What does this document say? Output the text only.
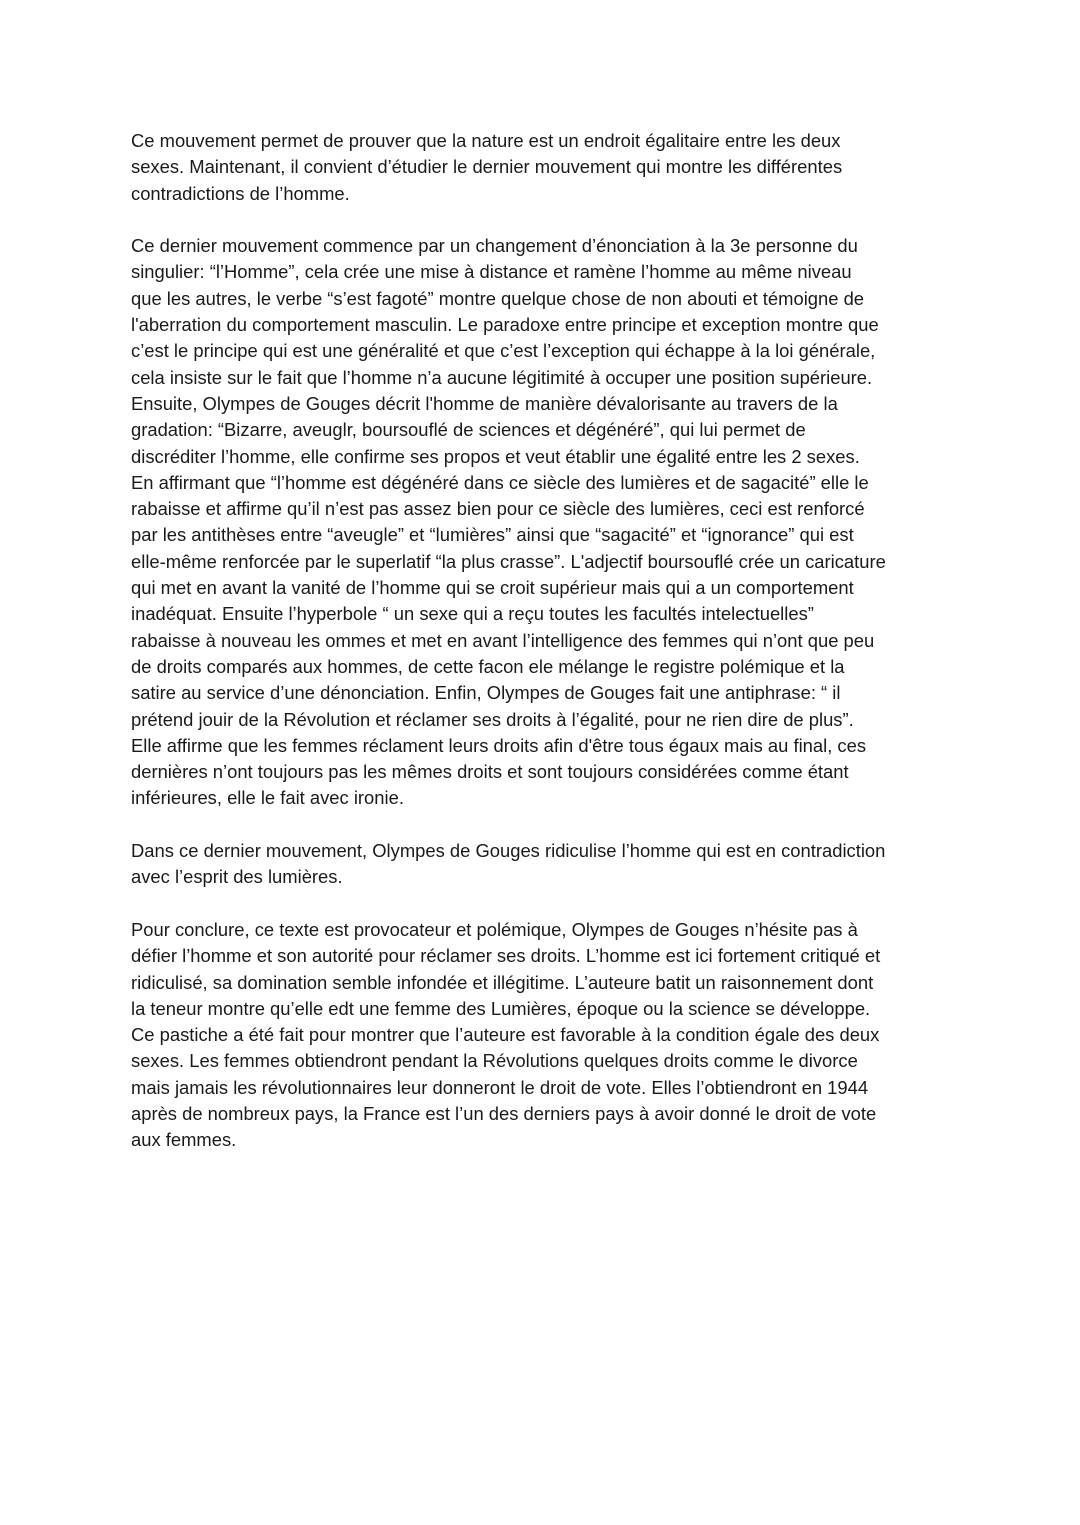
Ce mouvement permet de prouver que la nature est un endroit égalitaire entre les deux
sexes. Maintenant, il convient d’étudier le dernier mouvement qui montre les différentes
contradictions de l’homme.

Ce dernier mouvement commence par un changement d’énonciation à la 3e personne du
singulier: “l’Homme”, cela crée une mise à distance et ramène l’homme au même niveau
que les autres, le verbe “s’est fagoté” montre quelque chose de non abouti et témoigne de
l'aberration du comportement masculin. Le paradoxe entre principe et exception montre que
c’est le principe qui est une généralité et que c’est l’exception qui échappe à la loi générale,
cela insiste sur le fait que l’homme n’a aucune légitimité à occuper une position supérieure.
Ensuite, Olympes de Gouges décrit l'homme de manière dévalorisante au travers de la
gradation: “Bizarre, aveuglr, boursouflé de sciences et dégénéré”, qui lui permet de
discréditer l’homme, elle confirme ses propos et veut établir une égalité entre les 2 sexes.
En affirmant que “l’homme est dégénéré dans ce siècle des lumières et de sagacité” elle le
rabaisse et affirme qu’il n’est pas assez bien pour ce siècle des lumières, ceci est renforcé
par les antithèses entre “aveugle” et “lumières” ainsi que “sagacité” et “ignorance” qui est
elle-même renforcée par le superlatif “la plus crasse”. L'adjectif boursouflé crée un caricature
qui met en avant la vanité de l’homme qui se croit supérieur mais qui a un comportement
inadéquat. Ensuite l’hyperbole “ un sexe qui a reçu toutes les facultés intelectuelles”
rabaisse à nouveau les ommes et met en avant l’intelligence des femmes qui n’ont que peu
de droits comparés aux hommes, de cette facon ele mélange le registre polémique et la
satire au service d’une dénonciation. Enfin, Olympes de Gouges fait une antiphrase: “ il
prétend jouir de la Révolution et réclamer ses droits à l’égalité, pour ne rien dire de plus”.
Elle affirme que les femmes réclament leurs droits afin d'être tous égaux mais au final, ces
dernières n’ont toujours pas les mêmes droits et sont toujours considérées comme étant
inférieures, elle le fait avec ironie.

Dans ce dernier mouvement, Olympes de Gouges ridiculise l’homme qui est en contradiction
avec l’esprit des lumières.

Pour conclure, ce texte est provocateur et polémique, Olympes de Gouges n’hésite pas à
défier l’homme et son autorité pour réclamer ses droits. L’homme est ici fortement critiqué et
ridiculisé, sa domination semble infondée et illégitime. L’auteure batit un raisonnement dont
la teneur montre qu’elle edt une femme des Lumières, époque ou la science se développe.
Ce pastiche a été fait pour montrer que l’auteure est favorable à la condition égale des deux
sexes. Les femmes obtiendront pendant la Révolutions quelques droits comme le divorce
mais jamais les révolutionnaires leur donneront le droit de vote. Elles l’obtiendront en 1944
après de nombreux pays, la France est l’un des derniers pays à avoir donné le droit de vote
aux femmes.
